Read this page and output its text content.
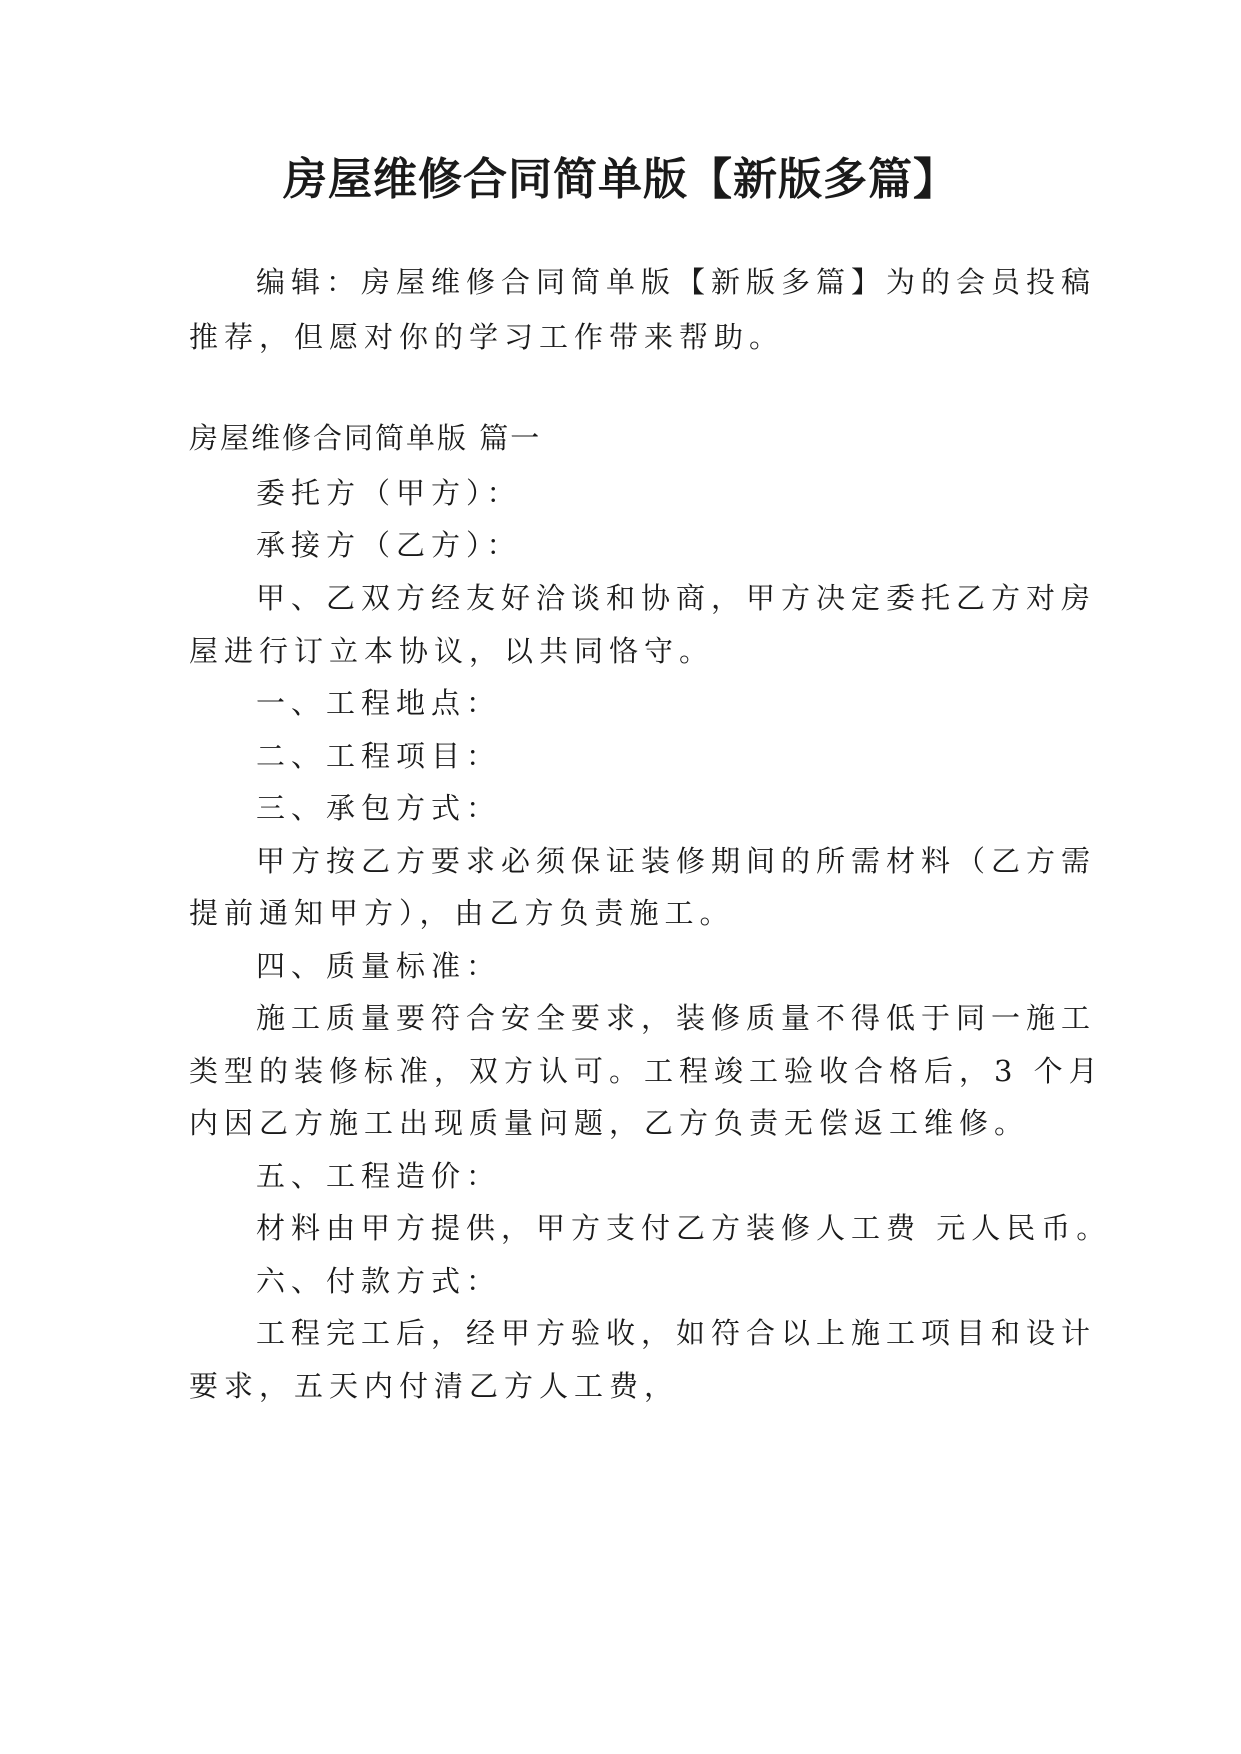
房屋维修合同简单版【新版多篇】

编辑：房屋维修合同简单版【新版多篇】为的会员投稿

推荐，但愿对你的学习工作带来帮助。

房屋维修合同简单版 篇一

委托方（甲方）：

承接方（乙方）：

甲、乙双方经友好洽谈和协商，甲方决定委托乙方对房

屋进行订立本协议，以共同恪守。

一、工程地点：

二、工程项目：

三、承包方式：

甲方按乙方要求必须保证装修期间的所需材料（乙方需

提前通知甲方），由乙方负责施工。

四、质量标准：

施工质量要符合安全要求，装修质量不得低于同一施工

类型的装修标准，双方认可。工程竣工验收合格后，3 个月

内因乙方施工出现质量问题，乙方负责无偿返工维修。

五、工程造价：

材料由甲方提供，甲方支付乙方装修人工费 元人民币。

六、付款方式：

工程完工后，经甲方验收，如符合以上施工项目和设计

要求，五天内付清乙方人工费，
